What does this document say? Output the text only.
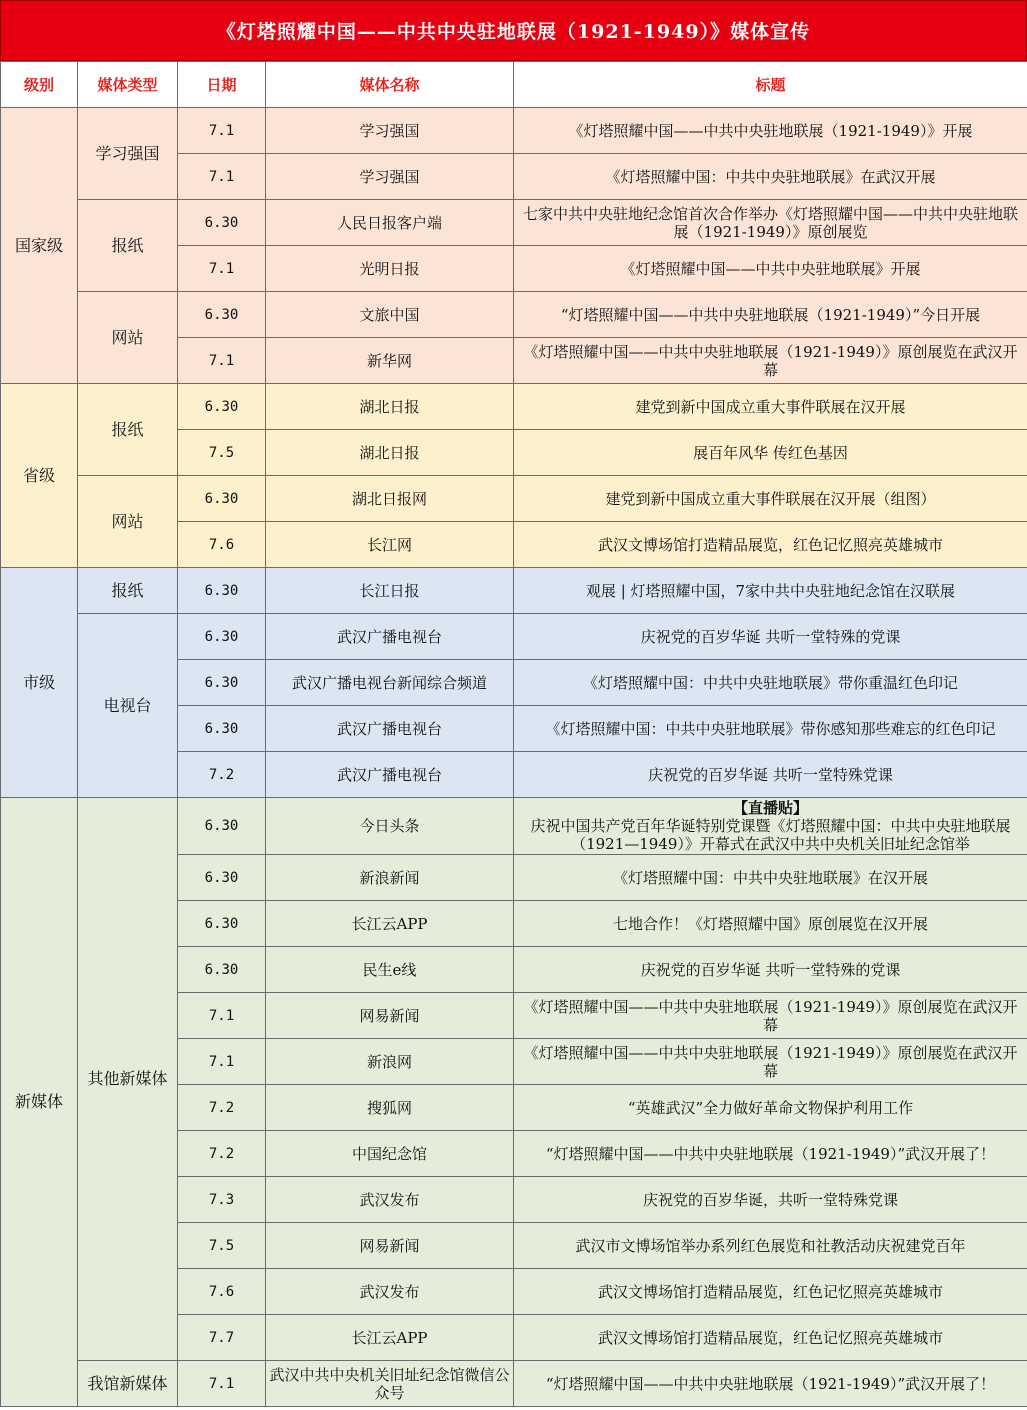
《灯塔照耀中国——中共中央驻地联展（1921-1949）》媒体宣传
级别	媒体类型	日期	媒体名称	标题
国家级	学习强国	7.1	学习强国	《灯塔照耀中国——中共中央驻地联展（1921-1949）》开展
		7.1	学习强国	《灯塔照耀中国：中共中央驻地联展》在武汉开展
	报纸	6.30	人民日报客户端	七家中共中央驻地纪念馆首次合作举办《灯塔照耀中国——中共中央驻地联展（1921-1949）》原创展览
		7.1	光明日报	《灯塔照耀中国——中共中央驻地联展》开展
	网站	6.30	文旅中国	“灯塔照耀中国——中共中央驻地联展（1921-1949）”今日开展
		7.1	新华网	《灯塔照耀中国——中共中央驻地联展（1921-1949）》原创展览在武汉开幕
省级	报纸	6.30	湖北日报	建党到新中国成立重大事件联展在汉开展
		7.5	湖北日报	展百年风华 传红色基因
	网站	6.30	湖北日报网	建党到新中国成立重大事件联展在汉开展（组图）
		7.6	长江网	武汉文博场馆打造精品展览，红色记忆照亮英雄城市
市级	报纸	6.30	长江日报	观展 | 灯塔照耀中国，7家中共中央驻地纪念馆在汉联展
	电视台	6.30	武汉广播电视台	庆祝党的百岁华诞 共听一堂特殊的党课
		6.30	武汉广播电视台新闻综合频道	《灯塔照耀中国：中共中央驻地联展》带你重温红色印记
		6.30	武汉广播电视台	《灯塔照耀中国：中共中央驻地联展》带你感知那些难忘的红色印记
		7.2	武汉广播电视台	庆祝党的百岁华诞 共听一堂特殊党课
新媒体	其他新媒体	6.30	今日头条	【直播贴】
庆祝中国共产党百年华诞特别党课暨《灯塔照耀中国：中共中央驻地联展（1921—1949）》开幕式在武汉中共中央机关旧址纪念馆举
		6.30	新浪新闻	《灯塔照耀中国：中共中央驻地联展》在汉开展
		6.30	长江云APP	七地合作！《灯塔照耀中国》原创展览在汉开展
		6.30	民生e线	庆祝党的百岁华诞 共听一堂特殊的党课
		7.1	网易新闻	《灯塔照耀中国——中共中央驻地联展（1921-1949）》原创展览在武汉开幕
		7.1	新浪网	《灯塔照耀中国——中共中央驻地联展（1921-1949）》原创展览在武汉开幕
		7.2	搜狐网	“英雄武汉”全力做好革命文物保护利用工作
		7.2	中国纪念馆	“灯塔照耀中国——中共中央驻地联展（1921-1949）”武汉开展了！
		7.3	武汉发布	庆祝党的百岁华诞，共听一堂特殊党课
		7.5	网易新闻	武汉市文博场馆举办系列红色展览和社教活动庆祝建党百年
		7.6	武汉发布	武汉文博场馆打造精品展览，红色记忆照亮英雄城市
		7.7	长江云APP	武汉文博场馆打造精品展览，红色记忆照亮英雄城市
	我馆新媒体	7.1	武汉中共中央机关旧址纪念馆微信公众号	“灯塔照耀中国——中共中央驻地联展（1921-1949）”武汉开展了！
